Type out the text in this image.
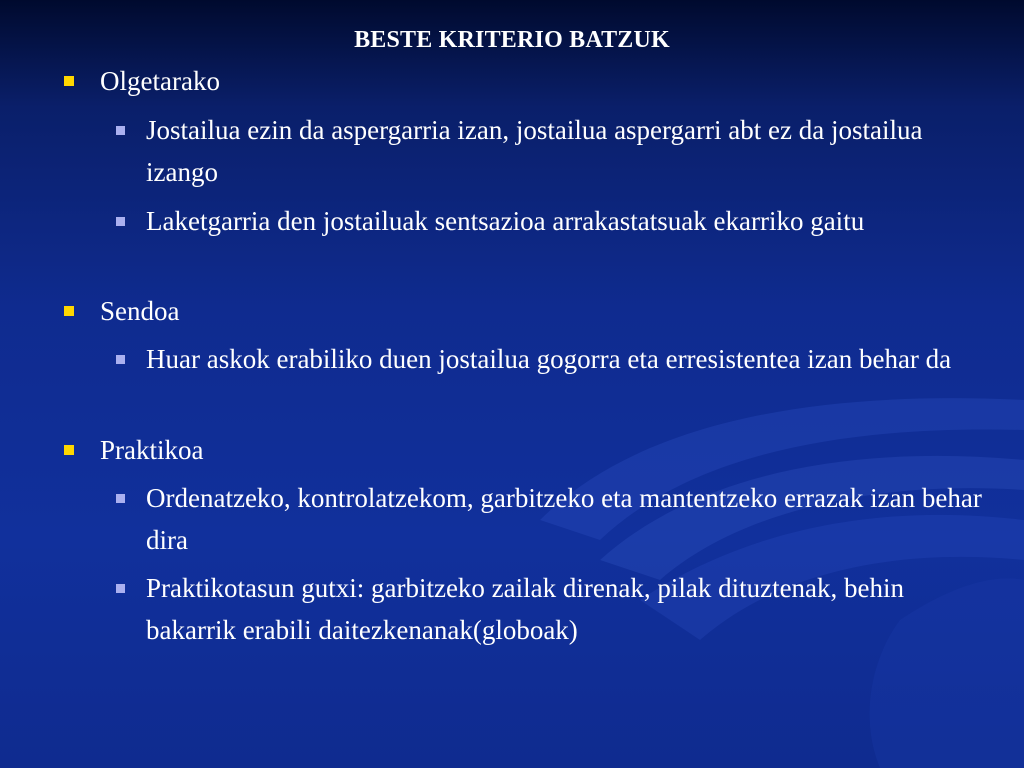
BESTE KRITERIO BATZUK
Olgetarako
Jostailua ezin da aspergarria izan, jostailua aspergarri abt ez da jostailua izango
Laketgarria den jostailuak sentsazioa arrakastatsuak ekarriko gaitu
Sendoa
Huar askok erabiliko duen jostailua gogorra eta erresistentea izan behar da
Praktikoa
Ordenatzeko, kontrolatzekom, garbitzeko eta mantentzeko errazak izan behar dira
Praktikotasun gutxi: garbitzeko zailak direnak, pilak dituztenak, behin bakarrik erabili daitezkenanak(globoak)
